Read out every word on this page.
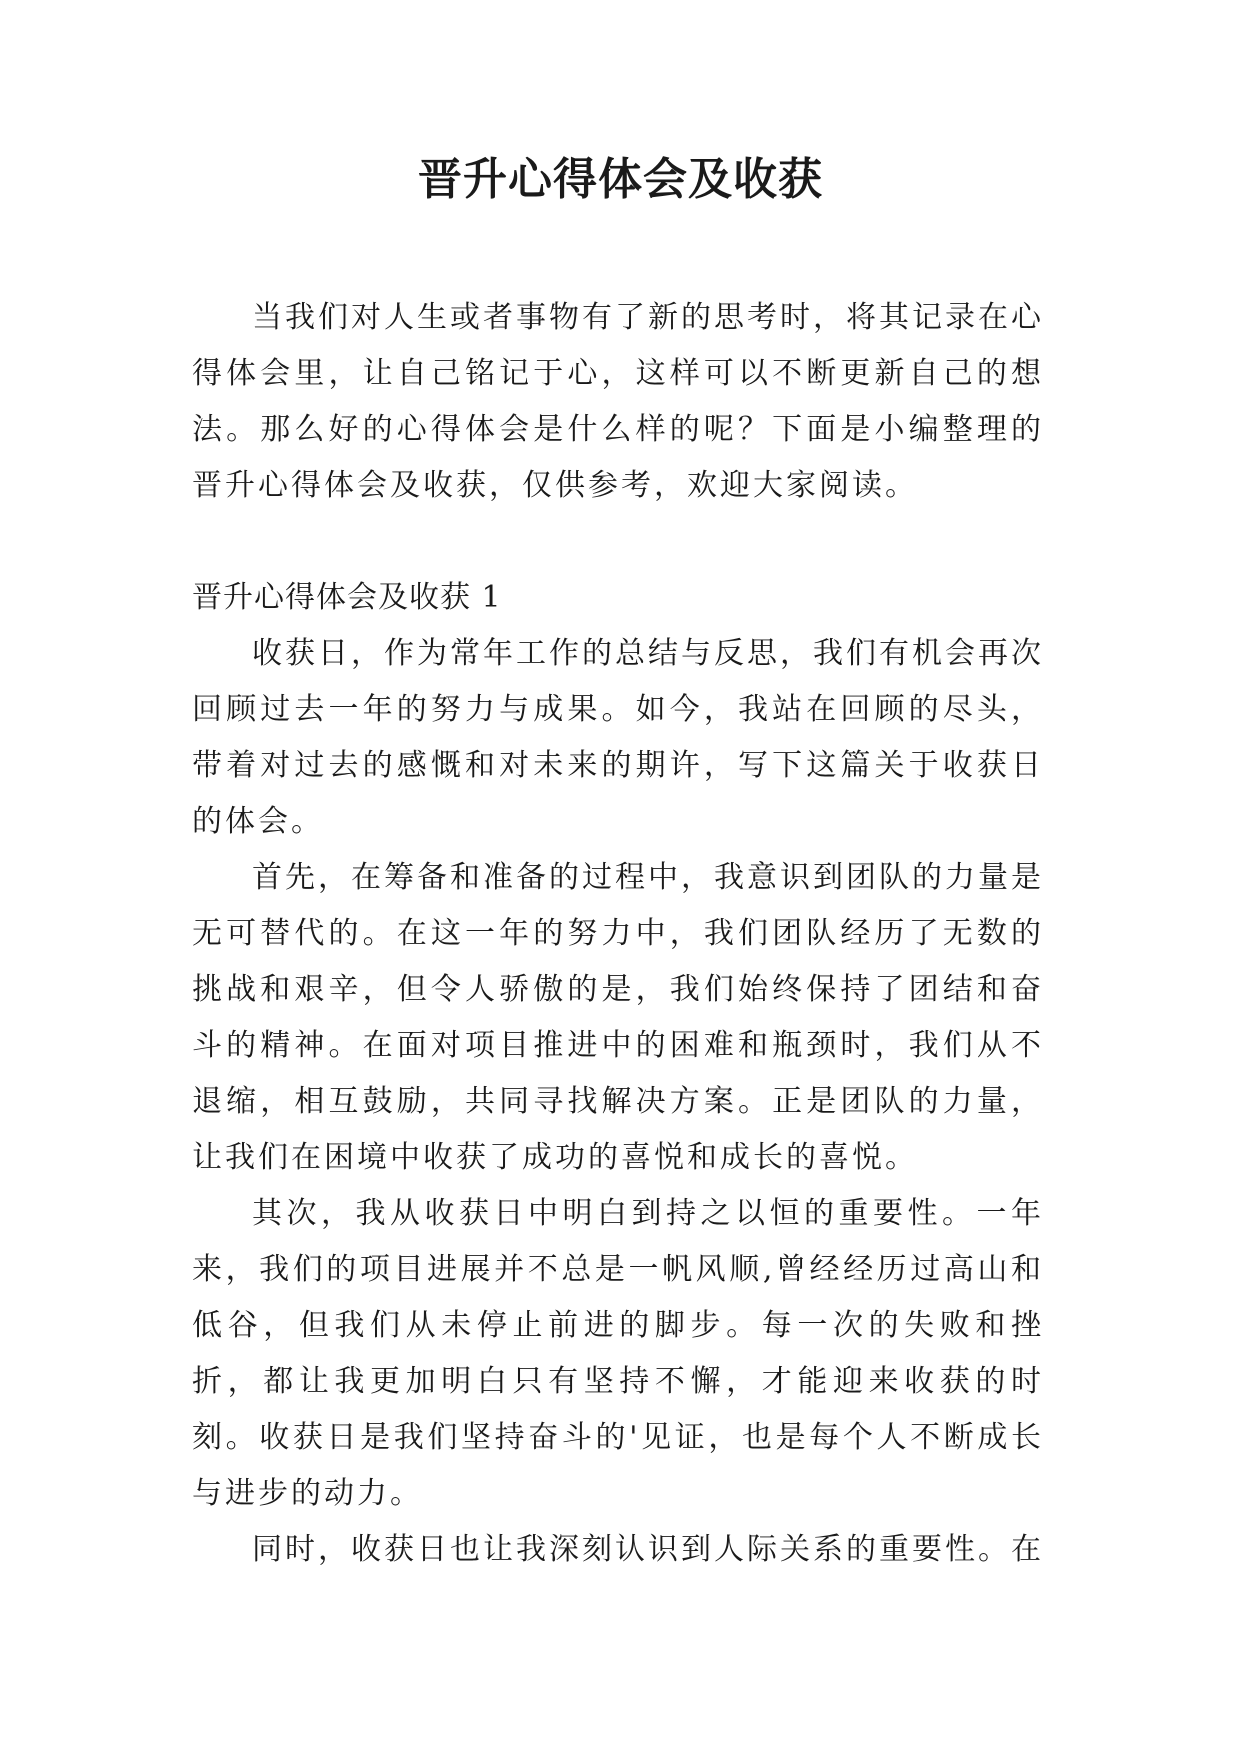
晋升心得体会及收获

当我们对人生或者事物有了新的思考时，将其记录在心得体会里，让自己铭记于心，这样可以不断更新自己的想法。那么好的心得体会是什么样的呢？下面是小编整理的晋升心得体会及收获，仅供参考，欢迎大家阅读。

晋升心得体会及收获 1

收获日，作为常年工作的总结与反思，我们有机会再次回顾过去一年的努力与成果。如今，我站在回顾的尽头，带着对过去的感慨和对未来的期许，写下这篇关于收获日的体会。

首先，在筹备和准备的过程中，我意识到团队的力量是无可替代的。在这一年的努力中，我们团队经历了无数的挑战和艰辛，但令人骄傲的是，我们始终保持了团结和奋斗的精神。在面对项目推进中的困难和瓶颈时，我们从不退缩，相互鼓励，共同寻找解决方案。正是团队的力量，让我们在困境中收获了成功的喜悦和成长的喜悦。

其次，我从收获日中明白到持之以恒的重要性。一年来，我们的项目进展并不总是一帆风顺,曾经经历过高山和低谷，但我们从未停止前进的脚步。每一次的失败和挫折，都让我更加明白只有坚持不懈，才能迎来收获的时刻。收获日是我们坚持奋斗的'见证，也是每个人不断成长与进步的动力。

同时，收获日也让我深刻认识到人际关系的重要性。在
